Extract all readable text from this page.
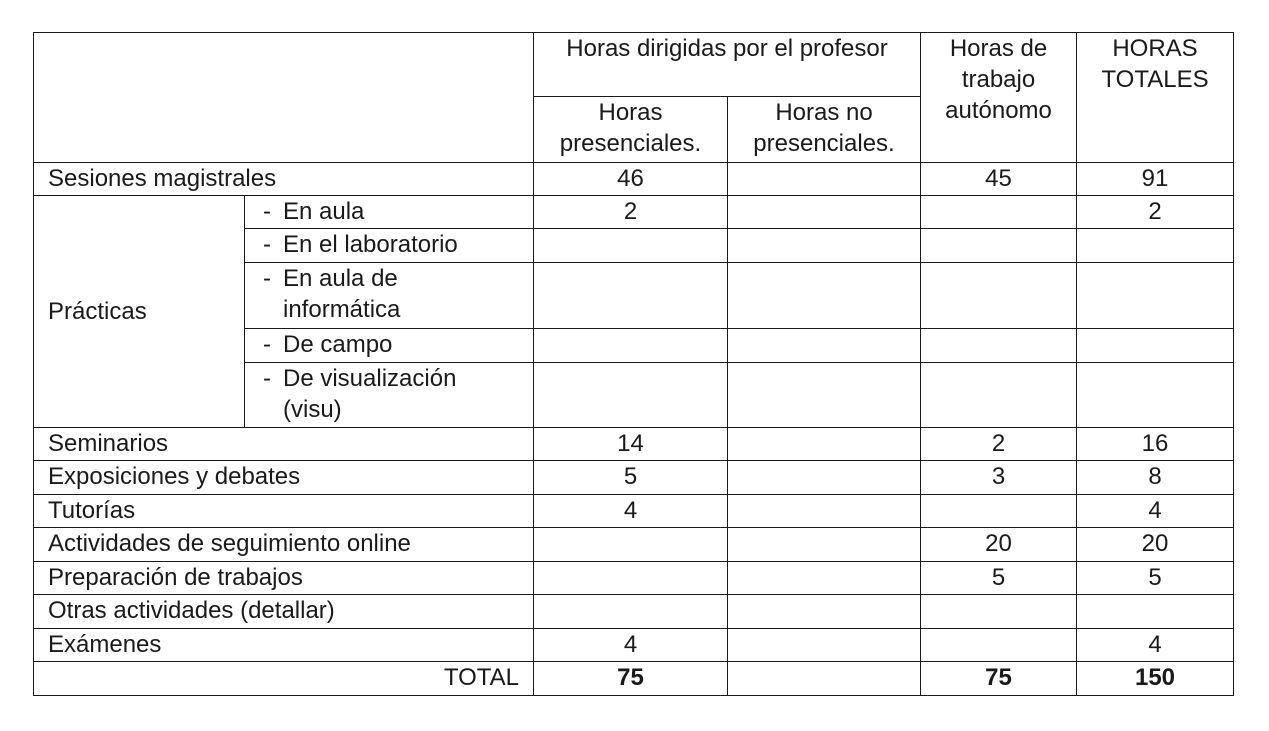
		Horas dirigidas por el profesor		Horas de trabajo autónomo	HORAS TOTALES
		Horas presenciales.	Horas no presenciales.		
Sesiones magistrales		46		45	91
Prácticas	- En aula	2			2
	- En el laboratorio				
	- En aula de
informática				
	- De campo				
	- De visualización
(visu)				
Seminarios		14		2	16
Exposiciones y debates		5		3	8
Tutorías		4			4
Actividades de seguimiento online				20	20
Preparación de trabajos				5	5
Otras actividades (detallar)					
Exámenes		4			4
TOTAL		75		75	150
